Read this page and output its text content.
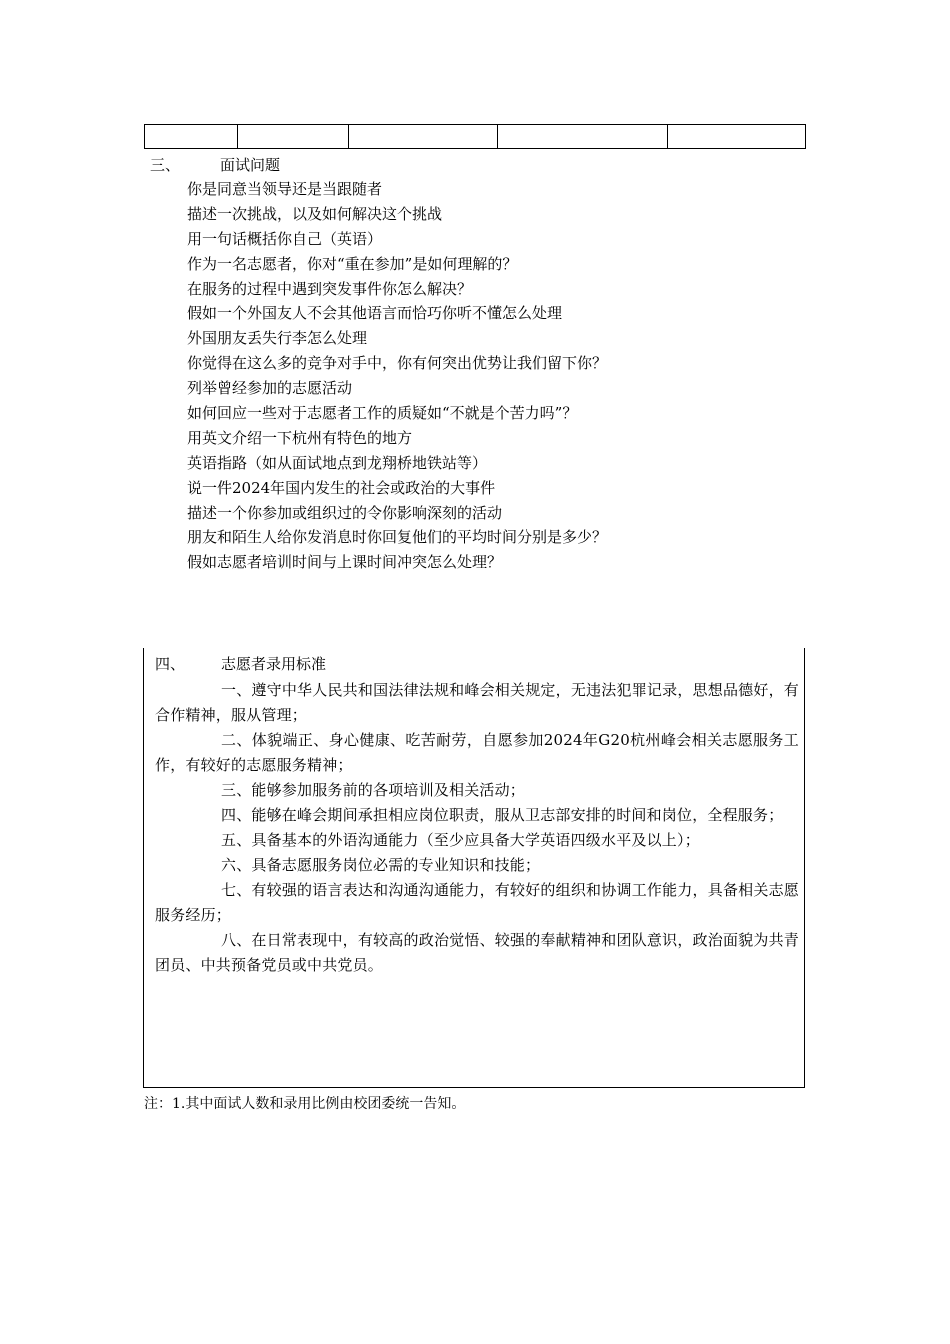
三、	面试问题
你是同意当领导还是当跟随者
描述一次挑战，以及如何解决这个挑战
用一句话概括你自己（英语）
作为一名志愿者，你对“重在参加”是如何理解的？
在服务的过程中遇到突发事件你怎么解决？
假如一个外国友人不会其他语言而恰巧你听不懂怎么处理
外国朋友丢失行李怎么处理
你觉得在这么多的竞争对手中，你有何突出优势让我们留下你？
列举曾经参加的志愿活动
如何回应一些对于志愿者工作的质疑如“不就是个苦力吗”？
用英文介绍一下杭州有特色的地方
英语指路（如从面试地点到龙翔桥地铁站等）
说一件2024年国内发生的社会或政治的大事件
描述一个你参加或组织过的令你影响深刻的活动
朋友和陌生人给你发消息时你回复他们的平均时间分别是多少？
假如志愿者培训时间与上课时间冲突怎么处理？
四、 志愿者录用标准

一、遵守中华人民共和国法律法规和峰会相关规定，无违法犯罪记录，思想品德好，有合作精神，服从管理；

二、体貌端正、身心健康、吃苦耐劳，自愿参加2024年G20杭州峰会相关志愿服务工作，有较好的志愿服务精神；

三、能够参加服务前的各项培训及相关活动；

四、能够在峰会期间承担相应岗位职责，服从卫志部安排的时间和岗位，全程服务；

五、具备基本的外语沟通能力（至少应具备大学英语四级水平及以上）；

六、具备志愿服务岗位必需的专业知识和技能；

七、有较强的语言表达和沟通沟通能力，有较好的组织和协调工作能力，具备相关志愿服务经历；

八、在日常表现中，有较高的政治觉悟、较强的奉献精神和团队意识，政治面貌为共青团员、中共预备党员或中共党员。

注：1.其中面试人数和录用比例由校团委统一告知。
